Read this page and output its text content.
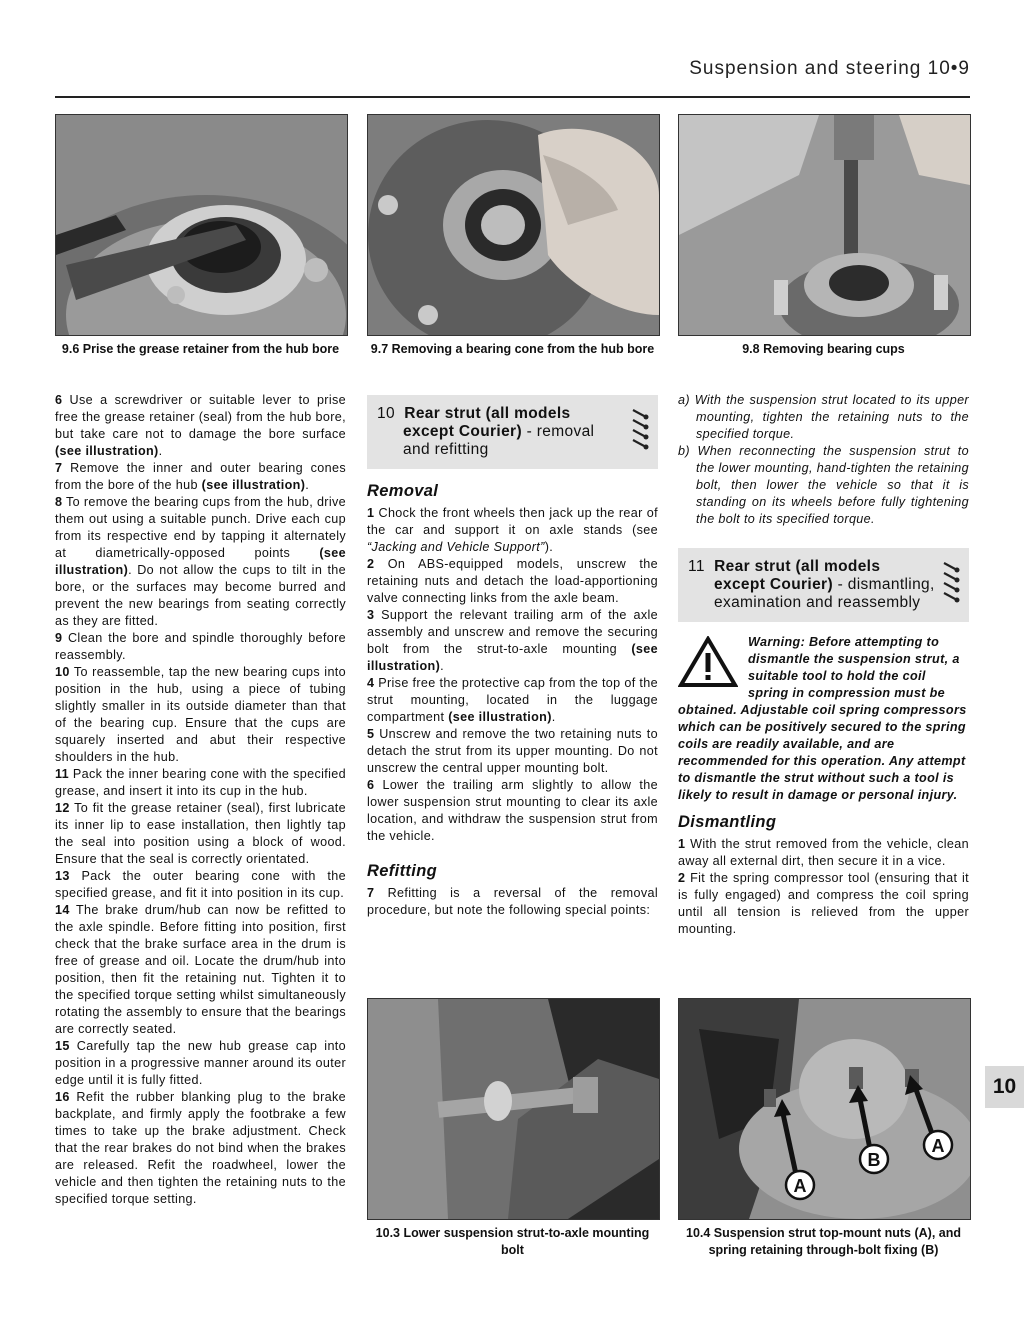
Suspension and steering 10•9
9.6 Prise the grease retainer from the hub bore	9.7 Removing a bearing cone from the hub bore	9.8 Removing bearing cups

6 Use a screwdriver or suitable lever to prise free the grease retainer (seal) from the hub bore, but take care not to damage the bore surface (see illustration).

7 Remove the inner and outer bearing cones from the bore of the hub (see illustration).

8 To remove the bearing cups from the hub, drive them out using a suitable punch. Drive each cup from its respective end by tapping it alternately at diametrically-opposed points (see illustration). Do not allow the cups to tilt in the bore, or the surfaces may become burred and prevent the new bearings from seating correctly as they are fitted.

9 Clean the bore and spindle thoroughly before reassembly.

10 To reassemble, tap the new bearing cups into position in the hub, using a piece of tubing slightly smaller in its outside diameter than that of the bearing cup. Ensure that the cups are squarely inserted and abut their respective shoulders in the hub.

11 Pack the inner bearing cone with the specified grease, and insert it into its cup in the hub.

12 To fit the grease retainer (seal), first lubricate its inner lip to ease installation, then lightly tap the seal into position using a block of wood. Ensure that the seal is correctly orientated.

13 Pack the outer bearing cone with the specified grease, and fit it into position in its cup.

14 The brake drum/hub can now be refitted to the axle spindle. Before fitting into position, first check that the brake surface area in the drum is free of grease and oil. Locate the drum/hub into position, then fit the retaining nut. Tighten it to the specified torque setting whilst simultaneously rotating the assembly to ensure that the bearings are correctly seated.

15 Carefully tap the new hub grease cap into position in a progressive manner around its outer edge until it is fully fitted.

16 Refit the rubber blanking plug to the brake backplate, and firmly apply the footbrake a few times to take up the brake adjustment. Check that the rear brakes do not bind when the brakes are released. Refit the roadwheel, lower the vehicle and then tighten the retaining nuts to the specified torque setting.

10 Rear strut (all models except Courier) - removal and refitting
Removal

1 Chock the front wheels then jack up the rear of the car and support it on axle stands (see “Jacking and Vehicle Support”).

2 On ABS-equipped models, unscrew the retaining nuts and detach the load-apportioning valve connecting links from the axle beam.

3 Support the relevant trailing arm of the axle assembly and unscrew and remove the securing bolt from the strut-to-axle mounting (see illustration).

4 Prise free the protective cap from the top of the strut mounting, located in the luggage compartment (see illustration).

5 Unscrew and remove the two retaining nuts to detach the strut from its upper mounting. Do not unscrew the central upper mounting bolt.

6 Lower the trailing arm slightly to allow the lower suspension strut mounting to clear its axle location, and withdraw the suspension strut from the vehicle.

Refitting

7 Refitting is a reversal of the removal procedure, but note the following special points:

a) With the suspension strut located to its upper mounting, tighten the retaining nuts to the specified torque.

b) When reconnecting the suspension strut to the lower mounting, hand-tighten the retaining bolt, then lower the vehicle so that it is standing on its wheels before fully tightening the bolt to its specified torque.

11 Rear strut (all models except Courier) - dismantling, examination and reassembly
Warning: Before attempting to dismantle the suspension strut, a suitable tool to hold the coil spring in compression must be obtained. Adjustable coil spring compressors which can be positively secured to the spring coils are readily available, and are recommended for this operation. Any attempt to dismantle the strut without such a tool is likely to result in damage or personal injury.
Dismantling

1 With the strut removed from the vehicle, clean away all external dirt, then secure it in a vice.

2 Fit the spring compressor tool (ensuring that it is fully engaged) and compress the coil spring until all tension is relieved from the upper mounting.

10.3 Lower suspension strut-to-axle mounting bolt
A
B
A
10.4 Suspension strut top-mount nuts (A), and spring retaining through-bolt fixing (B)
10
